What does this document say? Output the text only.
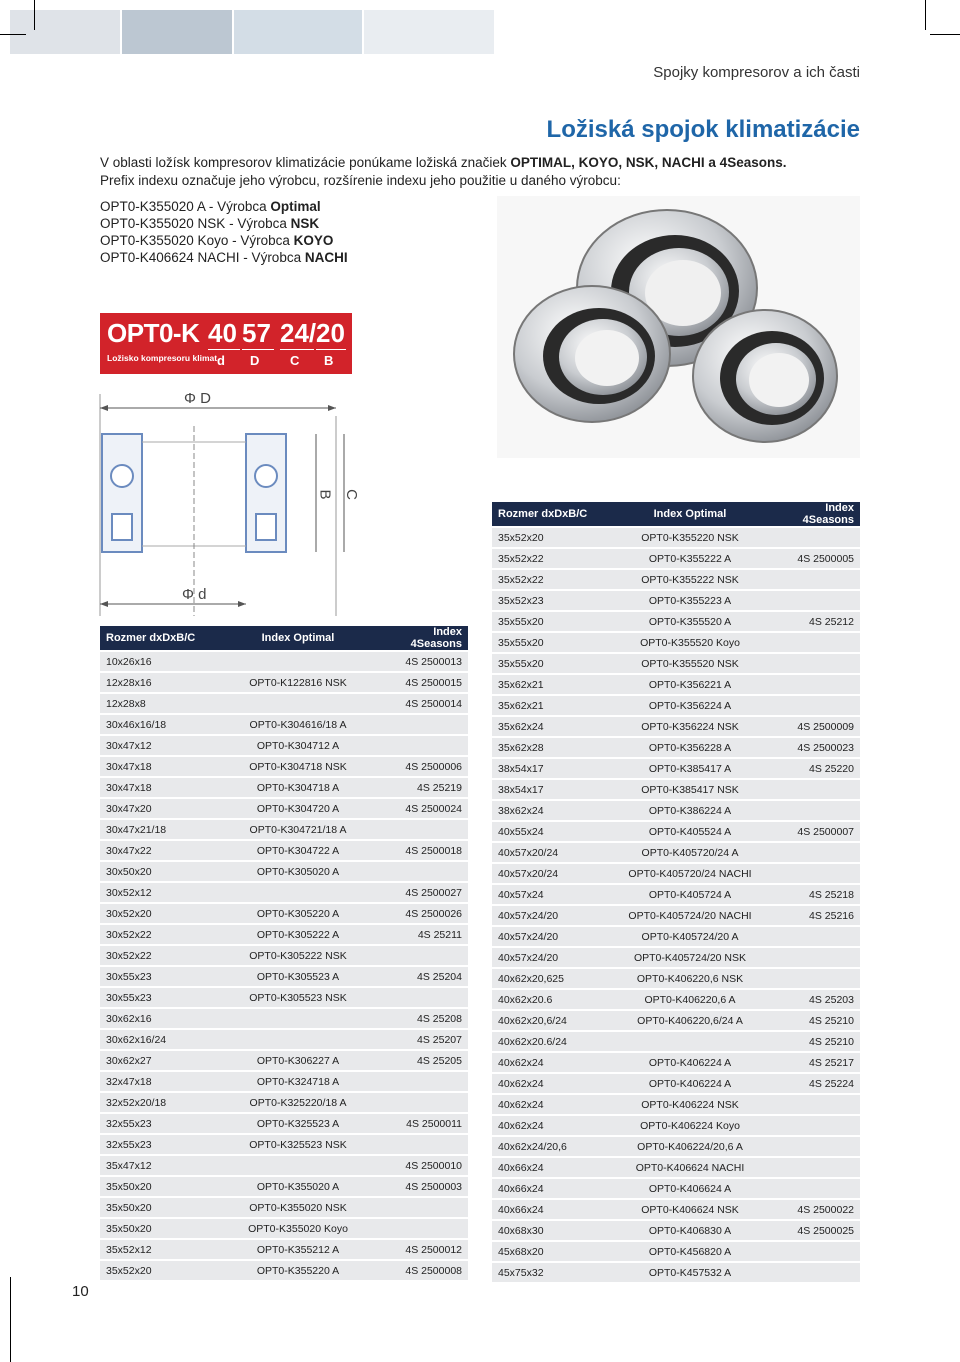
Spojky kompresorov a ich časti
Ložiská spojok klimatizácie
V oblasti ložísk kompresorov klimatizácie ponúkame ložiská značiek OPTIMAL, KOYO, NSK, NACHI a 4Seasons.
Prefix indexu označuje jeho výrobcu, rozšírenie indexu jeho použitie u daného výrobcu:
OPT0-K355020 A - Výrobca Optimal
OPT0-K355020 NSK - Výrobca NSK
OPT0-K355020 Koyo - Výrobca KOYO
OPT0-K406624 NACHI - Výrobca NACHI
OPT0-K
Ložisko kompresoru klimat.
40
d
57
D
24/
C
20
B
Φ D
Φ d
C
B
Rozmer dxDxB/C	Index Optimal	Index 4Seasons
10x26x16		4S 2500013
12x28x16	OPT0-K122816 NSK	4S 2500015
12x28x8		4S 2500014
30x46x16/18	OPT0-K304616/18 A	
30x47x12	OPT0-K304712 A	
30x47x18	OPT0-K304718 NSK	4S 2500006
30x47x18	OPT0-K304718 A	4S 25219
30x47x20	OPT0-K304720 A	4S 2500024
30x47x21/18	OPT0-K304721/18 A	
30x47x22	OPT0-K304722 A	4S 2500018
30x50x20	OPT0-K305020 A	
30x52x12		4S 2500027
30x52x20	OPT0-K305220 A	4S 2500026
30x52x22	OPT0-K305222 A	4S 25211
30x52x22	OPT0-K305222 NSK	
30x55x23	OPT0-K305523 A	4S 25204
30x55x23	OPT0-K305523 NSK	
30x62x16		4S 25208
30x62x16/24		4S 25207
30x62x27	OPT0-K306227 A	4S 25205
32x47x18	OPT0-K324718 A	
32x52x20/18	OPT0-K325220/18 A	
32x55x23	OPT0-K325523 A	4S 2500011
32x55x23	OPT0-K325523 NSK	
35x47x12		4S 2500010
35x50x20	OPT0-K355020 A	4S 2500003
35x50x20	OPT0-K355020 NSK	
35x50x20	OPT0-K355020 Koyo	
35x52x12	OPT0-K355212 A	4S 2500012
35x52x20	OPT0-K355220 A	4S 2500008
Rozmer dxDxB/C	Index Optimal	Index 4Seasons
35x52x20	OPT0-K355220 NSK	
35x52x22	OPT0-K355222 A	4S 2500005
35x52x22	OPT0-K355222 NSK	
35x52x23	OPT0-K355223 A	
35x55x20	OPT0-K355520 A	4S 25212
35x55x20	OPT0-K355520 Koyo	
35x55x20	OPT0-K355520 NSK	
35x62x21	OPT0-K356221 A	
35x62x21	OPT0-K356224 A	
35x62x24	OPT0-K356224 NSK	4S 2500009
35x62x28	OPT0-K356228 A	4S 2500023
38x54x17	OPT0-K385417 A	4S 25220
38x54x17	OPT0-K385417 NSK	
38x62x24	OPT0-K386224 A	
40x55x24	OPT0-K405524 A	4S 2500007
40x57x20/24	OPT0-K405720/24 A	
40x57x20/24	OPT0-K405720/24 NACHI	
40x57x24	OPT0-K405724 A	4S 25218
40x57x24/20	OPT0-K405724/20 NACHI	4S 25216
40x57x24/20	OPT0-K405724/20 A	
40x57x24/20	OPT0-K405724/20 NSK	
40x62x20,625	OPT0-K406220,6 NSK	
40x62x20.6	OPT0-K406220,6 A	4S 25203
40x62x20,6/24	OPT0-K406220,6/24 A	4S 25210
40x62x20.6/24		4S 25210
40x62x24	OPT0-K406224 A	4S 25217
40x62x24	OPT0-K406224 A	4S 25224
40x62x24	OPT0-K406224 NSK	
40x62x24	OPT0-K406224 Koyo	
40x62x24/20,6	OPT0-K406224/20,6 A	
40x66x24	OPT0-K406624 NACHI	
40x66x24	OPT0-K406624 A	
40x66x24	OPT0-K406624 NSK	4S 2500022
40x68x30	OPT0-K406830 A	4S 2500025
45x68x20	OPT0-K456820 A	
45x75x32	OPT0-K457532 A	
10
